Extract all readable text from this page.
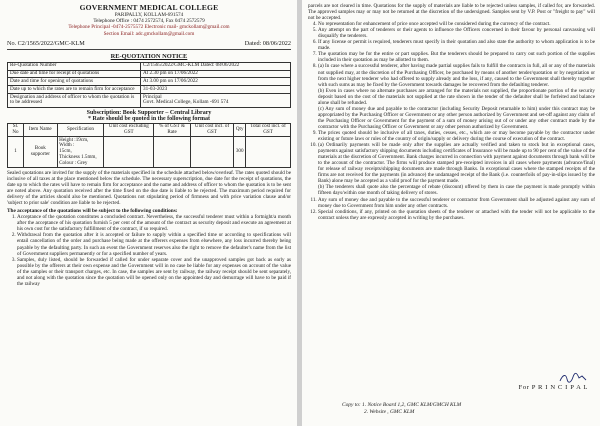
GOVERNMENT MEDICAL COLLEGE
PARIPALLY, KOLLAM-691574
Telephone Office : 0474 2572574, Fax 0474 2572579
Telephone Principal -0474-2575572 Electronic mail- gmckollam@gmail.com
Section Email: adc.gmckollam@gmail.com
No. C2/1565/2022/GMC-KLM	Dated: 08/06/2022
RE-QUOTATION NOTICE
Re-Quotation Number	C2/1565/2022/GMC-KLM Dated: 08/06/2022
Due date and time for receipt of quotations	At 2.30 pm on 17/06/2022
Date and time for opening of quotations	At 3.00 pm on 17/06/2022
Date up to which the rates are to remain firm for acceptance	31-03-2023
Designation and address of officer to whom the quotation is to be addressed	Principal
Govt. Medical College, Kollam -691 574
Subscription: Book Supporter – Central Library
* Rate should be quoted in the following format
Sl. No	Item Name	Specification	Unit cost excluding GST	% of GST & Rate	Unit cost incl. of GST	Qty	Total cost incl. of GST
1	Book supporter	Height :19cm, Width :
15cm,
Thickness 1.5mm,
Colour : Grey				300	

Sealed quotations are invited for the supply of the materials specified in the schedule attached below/overleaf. The rates quoted should be inclusive of all taxes at the place mentioned below the schedule. The necessary superscription, due date for the receipt of quotations, the date up to which the rates will have to remain firm for acceptance and the name and address of officer to whom the quotation is to be sent are noted above. Any quotation received after the time fixed on the due date is liable to be rejected. The maximum period required for delivery of the articles should also be mentioned. Quotations not stipulating period of firmness and with price variation clause and/or 'subject to prior sale' condition are liable to be rejected.

The acceptance of the quotations will be subject to the following conditions:
1. Acceptance of the quotation constitutes a concluded contract. Nevertheless, the successful tenderer must within a fortnight/a month after the acceptance of his quotation furnish 5 per cent of the amount of the contract as security deposit and execute an agreement at his own cost for the satisfactory fulfillment of the contract, if so required.
2. Withdrawal from the quotation after it is accepted or failure to supply within a specified time or according to specifications will entail cancellation of the order and purchase being made at the offerers expenses from elsewhere, any loss incurred thereby being payable by the defaulting party. In such an event the Government reserves also the right to remove the defaulter's name from the list of Government suppliers permanently or for a specified number of years.
3. Samples, duly listed, should be forwarded if called for under separate cover and the unapproved samples got back as early as possible by the offerers at their own expense and the Government will in no case be liable for any expenses on account of the value of the samples or their transport charges, etc. In case, the samples are sent by railway, the railway receipt should be sent separately, and not along with the quotation since the quotation will be opened only on the appointed day and demurrage will have to be paid if the railway

parcels are not cleared in time. Quotations for the supply of materials are liable to be rejected unless samples, if called for, are forwarded. The approved samples may or may not be returned at the discretion of the undersigned. Samples sent by V.P. Post or "freight to pay" will not be accepted.

4. No representation for enhancement of price once accepted will be considered during the currency of the contract.
5. Any attempt on the part of tenderers or their agents to influence the Officers concerned in their favour by personal canvassing will disqualify the tenderers.
6. If any license or permit is required, tenderers must specify in their quotation and also state the authority to whom application is to be made.
7. The quotation may be for the entire or part supplies. But the tenderers should be prepared to carry out such portion of the supplies included in their quotation as may be allotted to them.
8. (a) In case where a successful tenderer, after having made partial supplies fails to fulfill the contracts in full, all or any of the materials not supplied may, at the discretion of the Purchasing Officer, be purchased by means of another tender/quotation or by negotiation or from the next higher tenderer who had offered to supply already and the loss, if any, caused to the Government shall thereby together with such sums as may be fixed by the Government towards damages be recovered from the defaulting tenderer.
(b) Even in cases where no alternate purchases are arranged for the materials not supplied, the proportionate portion of the security deposit based on the cost of the materials not supplied at the rate shown in the tender of the defaulter shall be forfeited and balance alone shall be refunded.
(c) Any sum of money due and payable to the contractor (including Security Deposit returnable to him) under this contract may be appropriated by the Purchasing Officer or Government or any other person authorized by Government and set-off against any claim of the Purchasing Officer or Government for the payment of a sum of money arising out of or under any other contract made by the contractor with the Purchasing Officer or Government or any other person authorized by Government.
9. The prices quoted should be inclusive of all taxes, duties, cesses, etc., which are or may become payable by the contractor under existing or future laws or rules of the country of origin/supply or delivery during the course of execution of the contract.
10. (a) Ordinarily payments will be made only after the supplies are actually verified and taken to stock but in exceptional cases, payments against satisfactory shipping documents including certificates of Insurance will be made up to 90 per cent of the value of the materials at the discretion of Government. Bank charges incurred in connection with payment against documents through bank will be to the account of the contractor. The firms will produce stamped pre-receipted invoices in all cases where payments (advance/final) for release of railway receipts/shipping documents are made through Banks. In exceptional cases where the stamped receipts of the firms are not received for the payments (in advance) the undamaged receipt of the Bank (i.e. counterfoils of pay-in-slips issued by the Bank) alone may be accepted as a valid proof for the payment made.
(b) The tenderers shall quote also the percentage of rebate (discount) offered by them in case the payment is made promptly within fifteen days/within one month of taking delivery of stores.
11. Any sum of money due and payable to the successful tenderer or contractor from Government shall be adjusted against any sum of money due to Government from him under any other contracts.
12. Special conditions, if any, printed on the quotation sheets of the tenderer or attached with the tender will not be applicable to the contract unless they are expressly accepted in writing by the purchases.
For P R I N C I P A L
Copy to: 1. Notice Board 1,2, GMC KLM/GMCH KLM
2. Website , GMC KLM
